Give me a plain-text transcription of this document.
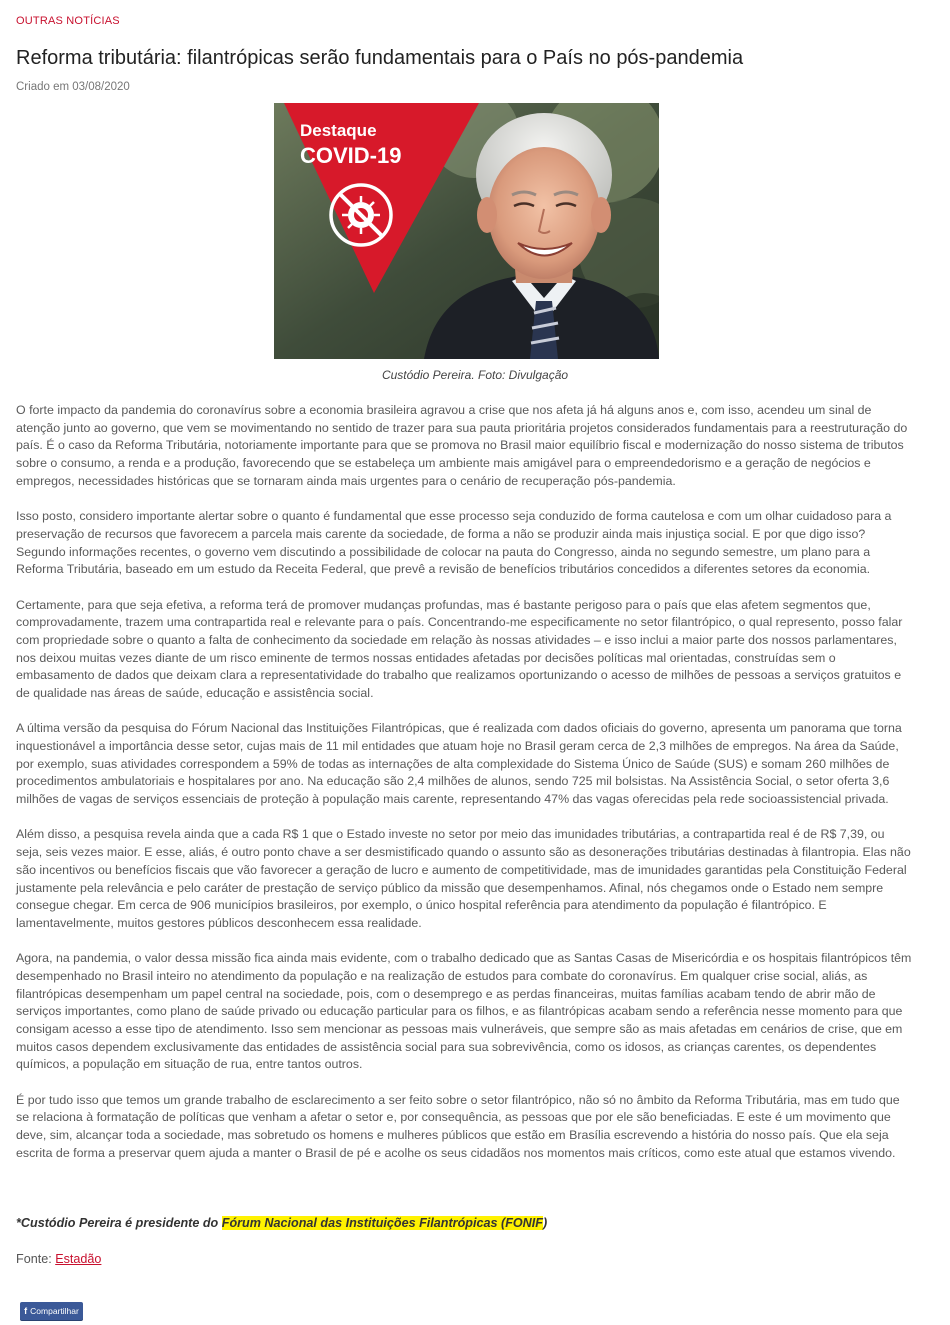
OUTRAS NOTÍCIAS
Reforma tributária: filantrópicas serão fundamentais para o País no pós-pandemia
Criado em 03/08/2020
Destaque
COVID-19
Custódio Pereira. Foto: Divulgação

O forte impacto da pandemia do coronavírus sobre a economia brasileira agravou a crise que nos afeta já há alguns anos e, com isso, acendeu um sinal de atenção junto ao governo, que vem se movimentando no sentido de trazer para sua pauta prioritária projetos considerados fundamentais para a reestruturação do país. É o caso da Reforma Tributária, notoriamente importante para que se promova no Brasil maior equilíbrio fiscal e modernização do nosso sistema de tributos sobre o consumo, a renda e a produção, favorecendo que se estabeleça um ambiente mais amigável para o empreendedorismo e a geração de negócios e empregos, necessidades históricas que se tornaram ainda mais urgentes para o cenário de recuperação pós-pandemia.

Isso posto, considero importante alertar sobre o quanto é fundamental que esse processo seja conduzido de forma cautelosa e com um olhar cuidadoso para a preservação de recursos que favorecem a parcela mais carente da sociedade, de forma a não se produzir ainda mais injustiça social. E por que digo isso? Segundo informações recentes, o governo vem discutindo a possibilidade de colocar na pauta do Congresso, ainda no segundo semestre, um plano para a Reforma Tributária, baseado em um estudo da Receita Federal, que prevê a revisão de benefícios tributários concedidos a diferentes setores da economia.

Certamente, para que seja efetiva, a reforma terá de promover mudanças profundas, mas é bastante perigoso para o país que elas afetem segmentos que, comprovadamente, trazem uma contrapartida real e relevante para o país. Concentrando-me especificamente no setor filantrópico, o qual represento, posso falar com propriedade sobre o quanto a falta de conhecimento da sociedade em relação às nossas atividades – e isso inclui a maior parte dos nossos parlamentares, nos deixou muitas vezes diante de um risco eminente de termos nossas entidades afetadas por decisões políticas mal orientadas, construídas sem o embasamento de dados que deixam clara a representatividade do trabalho que realizamos oportunizando o acesso de milhões de pessoas a serviços gratuitos e de qualidade nas áreas de saúde, educação e assistência social.

A última versão da pesquisa do Fórum Nacional das Instituições Filantrópicas, que é realizada com dados oficiais do governo, apresenta um panorama que torna inquestionável a importância desse setor, cujas mais de 11 mil entidades que atuam hoje no Brasil geram cerca de 2,3 milhões de empregos. Na área da Saúde, por exemplo, suas atividades correspondem a 59% de todas as internações de alta complexidade do Sistema Único de Saúde (SUS) e somam 260 milhões de procedimentos ambulatoriais e hospitalares por ano. Na educação são 2,4 milhões de alunos, sendo 725 mil bolsistas. Na Assistência Social, o setor oferta 3,6 milhões de vagas de serviços essenciais de proteção à população mais carente, representando 47% das vagas oferecidas pela rede socioassistencial privada.

Além disso, a pesquisa revela ainda que a cada R$ 1 que o Estado investe no setor por meio das imunidades tributárias, a contrapartida real é de R$ 7,39, ou seja, seis vezes maior. E esse, aliás, é outro ponto chave a ser desmistificado quando o assunto são as desonerações tributárias destinadas à filantropia. Elas não são incentivos ou benefícios fiscais que vão favorecer a geração de lucro e aumento de competitividade, mas de imunidades garantidas pela Constituição Federal justamente pela relevância e pelo caráter de prestação de serviço público da missão que desempenhamos. Afinal, nós chegamos onde o Estado nem sempre consegue chegar. Em cerca de 906 municípios brasileiros, por exemplo, o único hospital referência para atendimento da população é filantrópico. E lamentavelmente, muitos gestores públicos desconhecem essa realidade.

Agora, na pandemia, o valor dessa missão fica ainda mais evidente, com o trabalho dedicado que as Santas Casas de Misericórdia e os hospitais filantrópicos têm desempenhado no Brasil inteiro no atendimento da população e na realização de estudos para combate do coronavírus. Em qualquer crise social, aliás, as filantrópicas desempenham um papel central na sociedade, pois, com o desemprego e as perdas financeiras, muitas famílias acabam tendo de abrir mão de serviços importantes, como plano de saúde privado ou educação particular para os filhos, e as filantrópicas acabam sendo a referência nesse momento para que consigam acesso a esse tipo de atendimento. Isso sem mencionar as pessoas mais vulneráveis, que sempre são as mais afetadas em cenários de crise, que em muitos casos dependem exclusivamente das entidades de assistência social para sua sobrevivência, como os idosos, as crianças carentes, os dependentes químicos, a população em situação de rua, entre tantos outros.

É por tudo isso que temos um grande trabalho de esclarecimento a ser feito sobre o setor filantrópico, não só no âmbito da Reforma Tributária, mas em tudo que se relaciona à formatação de políticas que venham a afetar o setor e, por consequência, as pessoas que por ele são beneficiadas. E este é um movimento que deve, sim, alcançar toda a sociedade, mas sobretudo os homens e mulheres públicos que estão em Brasília escrevendo a história do nosso país. Que ela seja escrita de forma a preservar quem ajuda a manter o Brasil de pé e acolhe os seus cidadãos nos momentos mais críticos, como este atual que estamos vivendo.

*Custódio Pereira é presidente do Fórum Nacional das Instituições Filantrópicas (FONIF)
Fonte: Estadão
f Compartilhar
